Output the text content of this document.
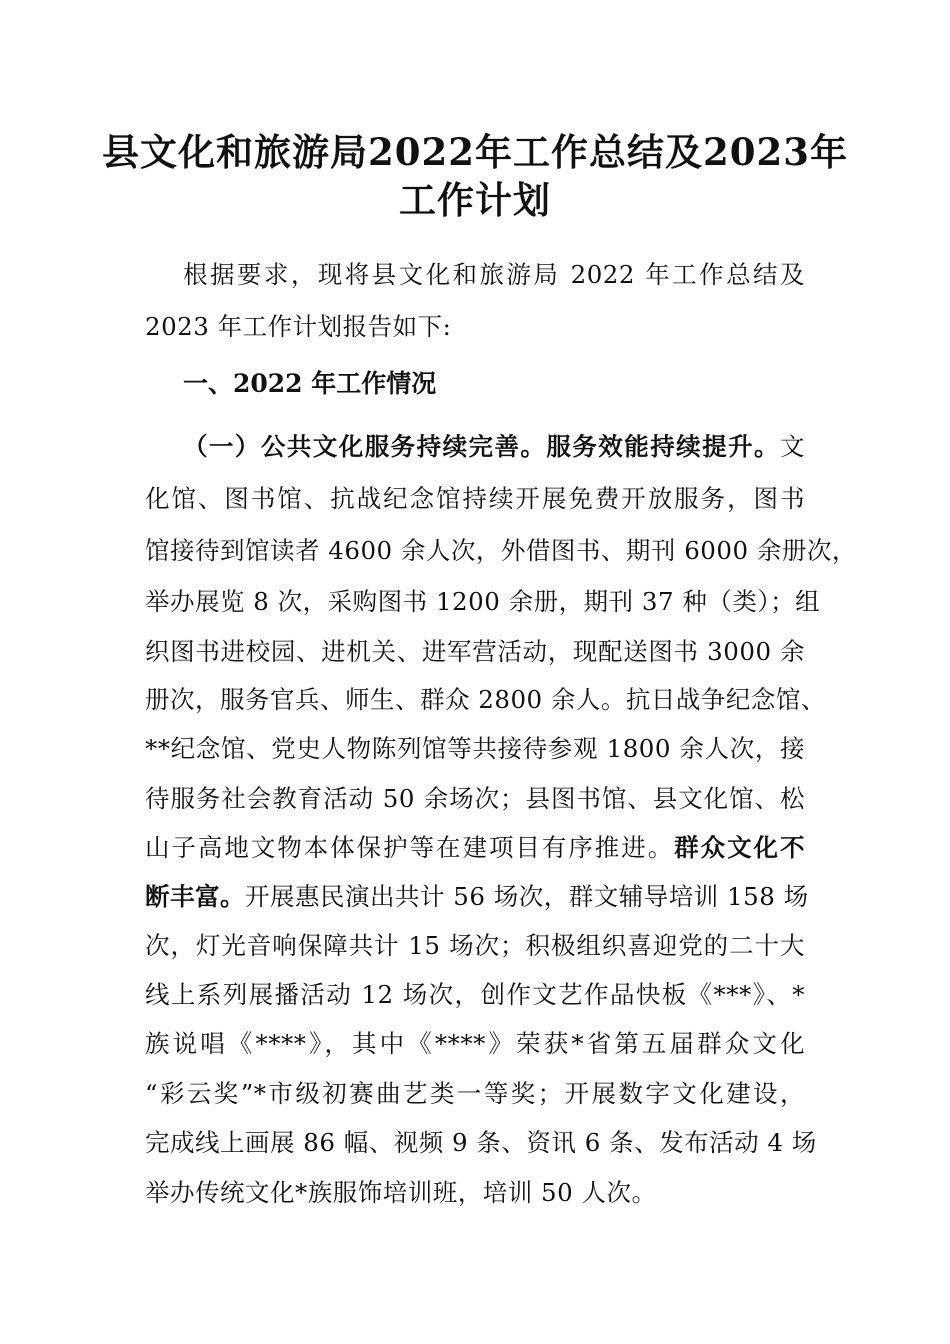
县文化和旅游局2022年工作总结及2023年
工作计划
根据要求，现将县文化和旅游局 2022 年工作总结及
2023 年工作计划报告如下:
一、2022 年工作情况
（一）公共文化服务持续完善。服务效能持续提升。文
化馆、图书馆、抗战纪念馆持续开展免费开放服务，图书
馆接待到馆读者 4600 余人次，外借图书、期刊 6000 余册次，
举办展览 8 次，采购图书 1200 余册，期刊 37 种（类）；组
织图书进校园、进机关、进军营活动，现配送图书 3000 余
册次，服务官兵、师生、群众 2800 余人。抗日战争纪念馆、
**纪念馆、党史人物陈列馆等共接待参观 1800 余人次，接
待服务社会教育活动 50 余场次；县图书馆、县文化馆、松
山子高地文物本体保护等在建项目有序推进。群众文化不
断丰富。开展惠民演出共计 56 场次，群文辅导培训 158 场
次，灯光音响保障共计 15 场次；积极组织喜迎党的二十大
线上系列展播活动 12 场次，创作文艺作品快板《***》、*
族说唱《****》，其中《****》荣获*省第五届群众文化
“彩云奖”*市级初赛曲艺类一等奖；开展数字文化建设，
完成线上画展 86 幅、视频 9 条、资讯 6 条、发布活动 4 场
举办传统文化*族服饰培训班，培训 50 人次。
